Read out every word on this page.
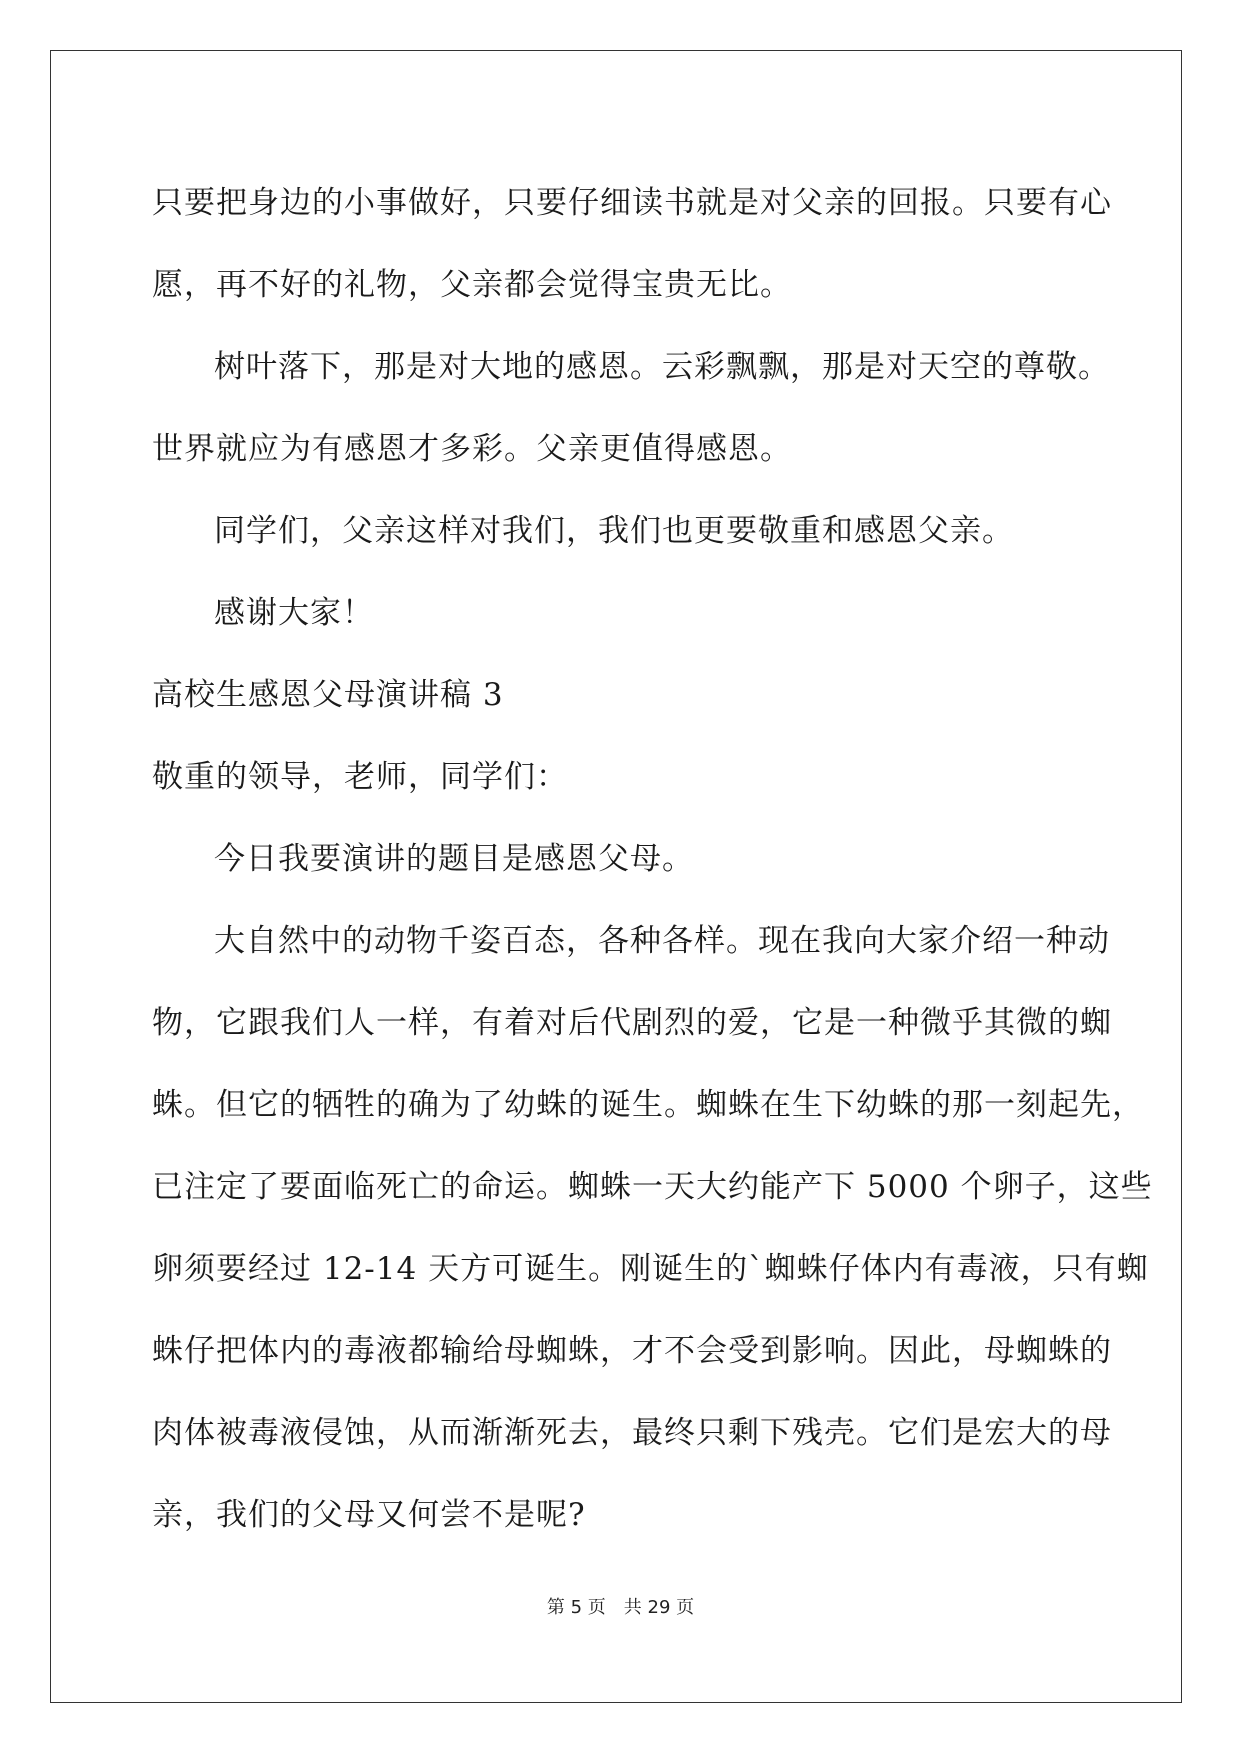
只要把身边的小事做好，只要仔细读书就是对父亲的回报。只要有心
愿，再不好的礼物，父亲都会觉得宝贵无比。
树叶落下，那是对大地的感恩。云彩飘飘，那是对天空的尊敬。
世界就应为有感恩才多彩。父亲更值得感恩。
同学们，父亲这样对我们，我们也更要敬重和感恩父亲。
感谢大家！
高校生感恩父母演讲稿 3
敬重的领导，老师，同学们：
今日我要演讲的题目是感恩父母。
大自然中的动物千姿百态，各种各样。现在我向大家介绍一种动
物，它跟我们人一样，有着对后代剧烈的爱，它是一种微乎其微的蜘
蛛。但它的牺牲的确为了幼蛛的诞生。蜘蛛在生下幼蛛的那一刻起先，
已注定了要面临死亡的命运。蜘蛛一天大约能产下 5000 个卵子，这些
卵须要经过 12-14 天方可诞生。刚诞生的`蜘蛛仔体内有毒液，只有蜘
蛛仔把体内的毒液都输给母蜘蛛，才不会受到影响。因此，母蜘蛛的
肉体被毒液侵蚀，从而渐渐死去，最终只剩下残壳。它们是宏大的母
亲，我们的父母又何尝不是呢?
第 5 页 共 29 页
